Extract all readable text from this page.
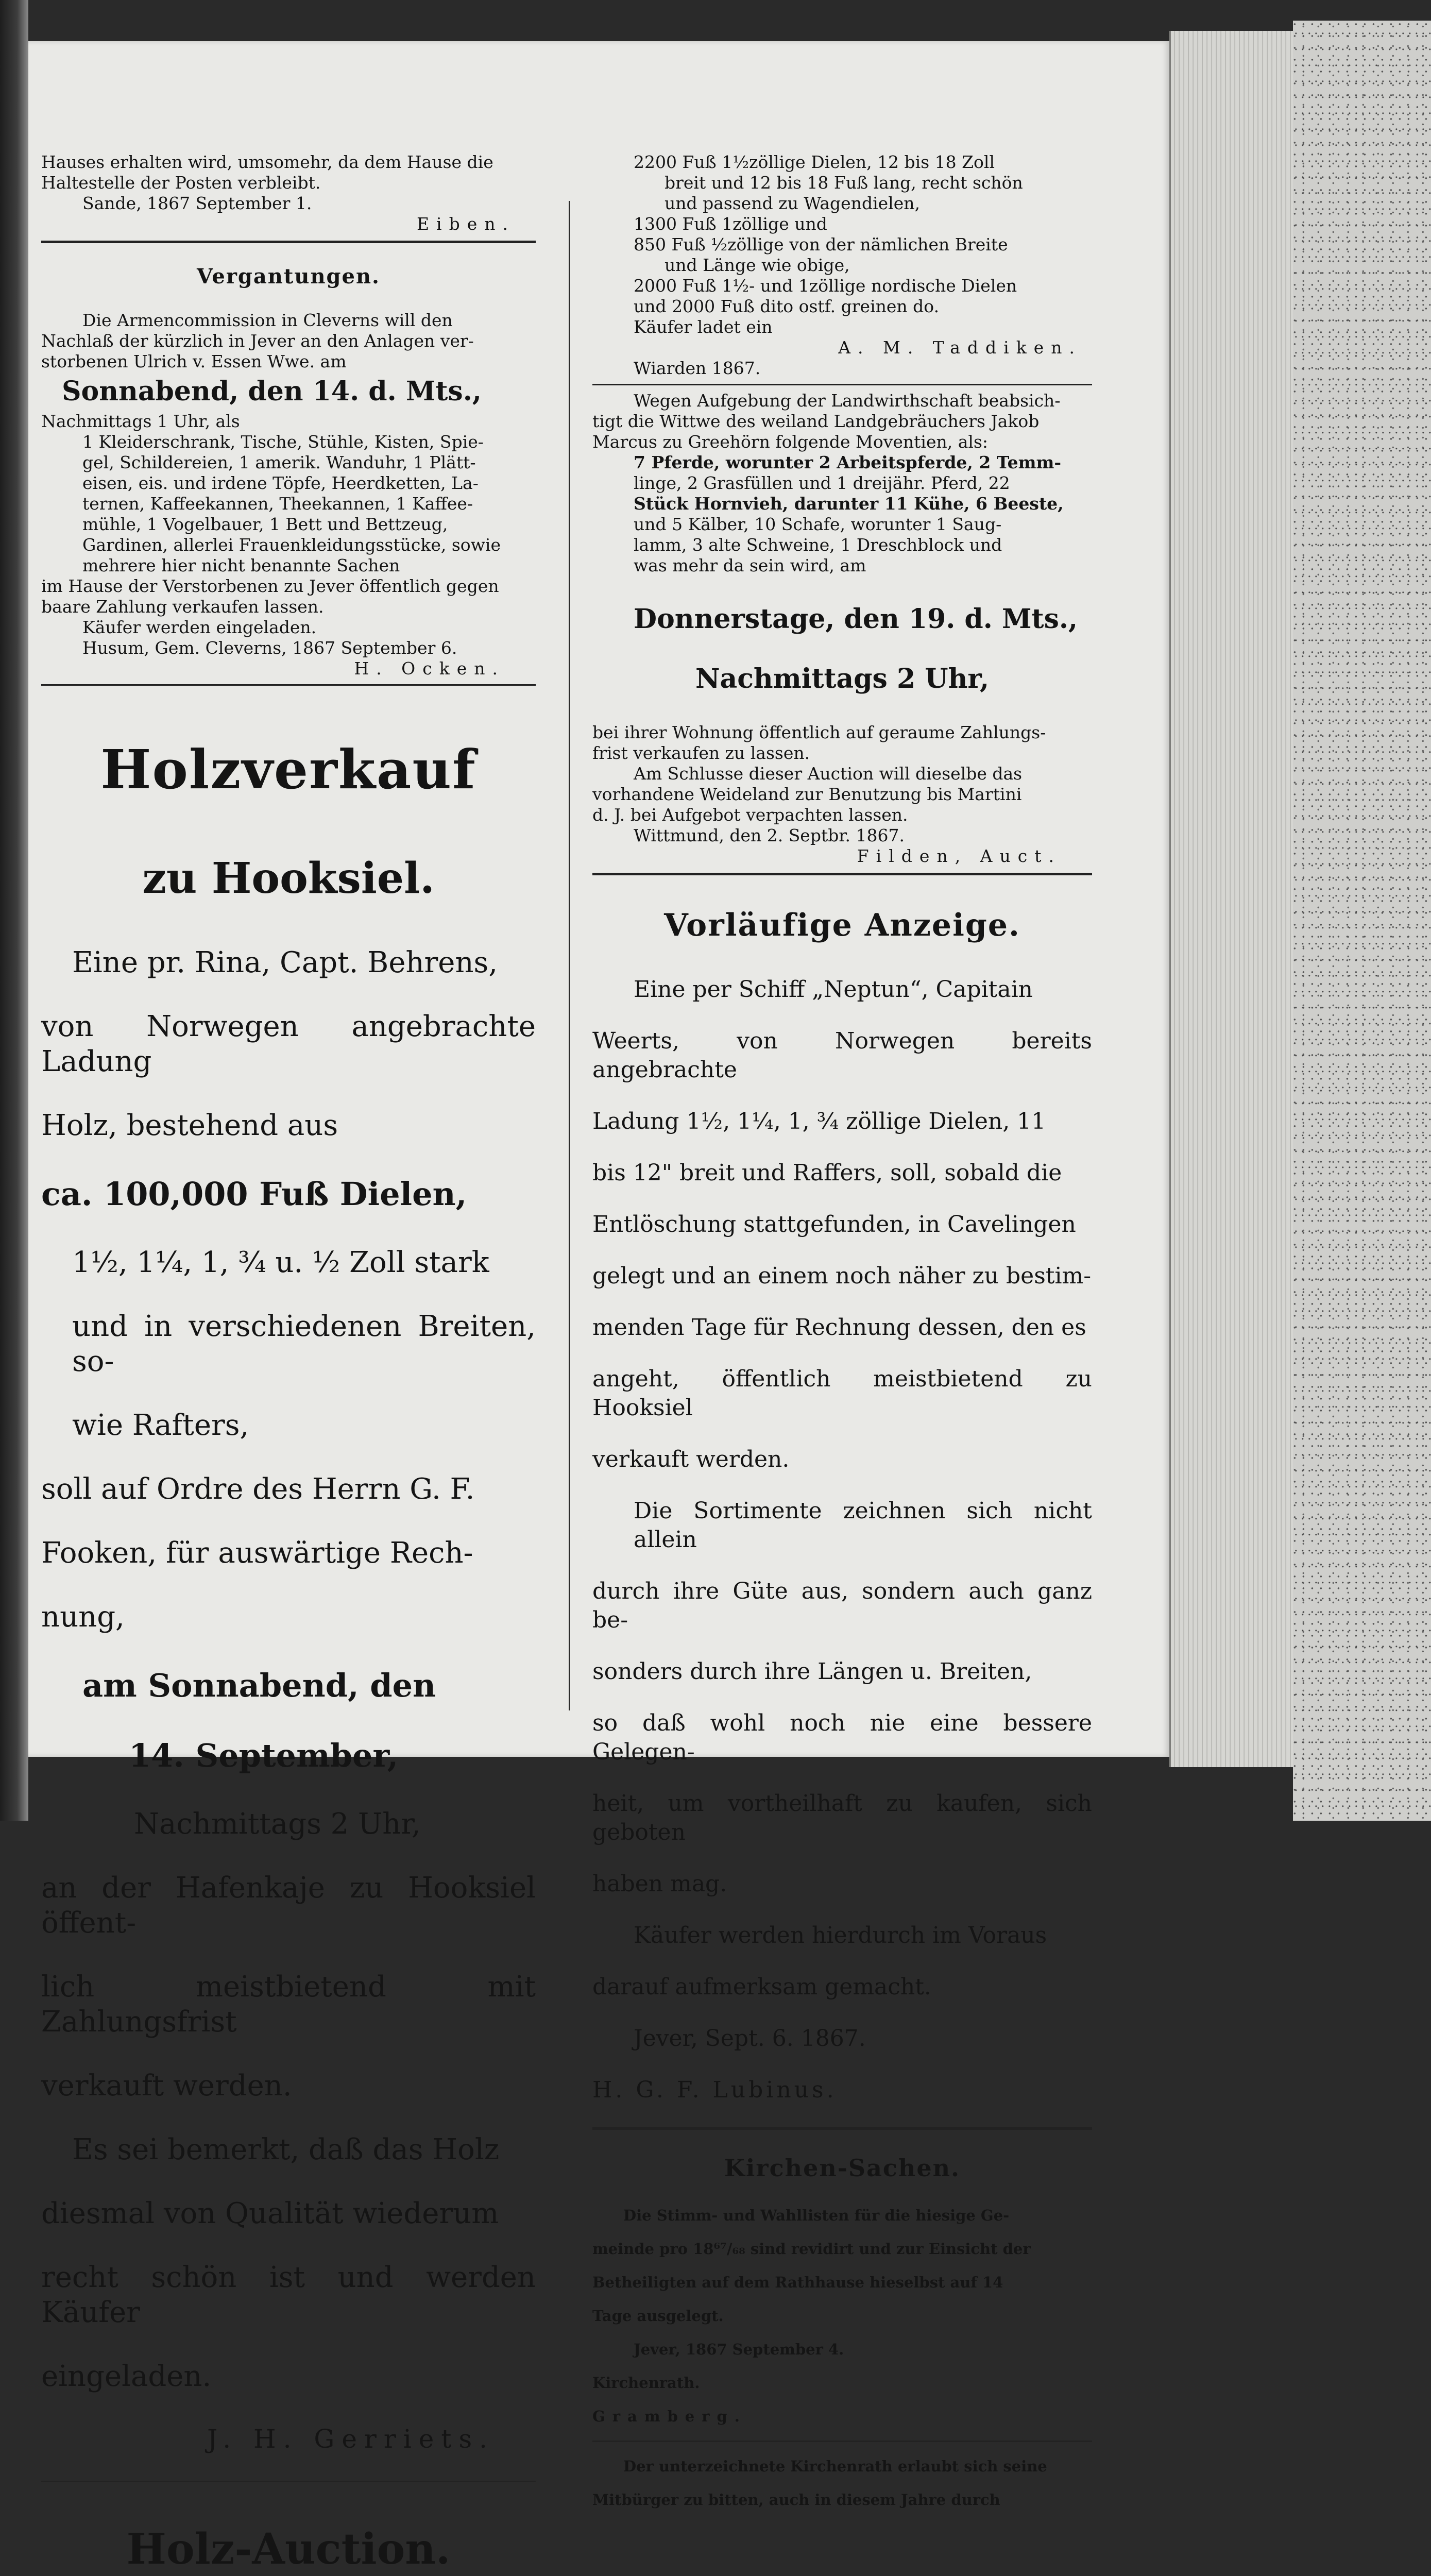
Hauses erhalten wird, umsomehr, da dem Hause die

Haltestelle der Posten verbleibt.

Sande, 1867 September 1.

Eiben.

Vergantungen.

Die Armencommission in Cleverns will den

Nachlaß der kürzlich in Jever an den Anlagen ver-

storbenen Ulrich v. Essen Wwe. am

Sonnabend, den 14. d. Mts.,

Nachmittags 1 Uhr, als

1 Kleiderschrank, Tische, Stühle, Kisten, Spie-

gel, Schildereien, 1 amerik. Wanduhr, 1 Plätt-

eisen, eis. und irdene Töpfe, Heerdketten, La-

ternen, Kaffeekannen, Theekannen, 1 Kaffee-

mühle, 1 Vogelbauer, 1 Bett und Bettzeug,

Gardinen, allerlei Frauenkleidungsstücke, sowie

mehrere hier nicht benannte Sachen

im Hause der Verstorbenen zu Jever öffentlich gegen

baare Zahlung verkaufen lassen.

Käufer werden eingeladen.

Husum, Gem. Cleverns, 1867 September 6.

H. Ocken.

Holzverkauf

zu Hooksiel.

Eine pr. Rina, Capt. Behrens,

von Norwegen angebrachte Ladung

Holz, bestehend aus

ca. 100,000 Fuß Dielen,

1½, 1¼, 1, ¾ u. ½ Zoll stark

und in verschiedenen Breiten, so-

wie Rafters,

soll auf Ordre des Herrn G. F.

Fooken, für auswärtige Rech-

nung,

am Sonnabend, den

14. September,

Nachmittags 2 Uhr,

an der Hafenkaje zu Hooksiel öffent-

lich meistbietend mit Zahlungsfrist

verkauft werden.

Es sei bemerkt, daß das Holz

diesmal von Qualität wiederum

recht schön ist und werden Käufer

eingeladen.

J. H. Gerriets.

Holz-Auction.

2200 Fuß 1½zöllige Dielen, 12 bis 18 Zoll

breit und 12 bis 18 Fuß lang, recht schön

und passend zu Wagendielen,

1300 Fuß 1zöllige und

850 Fuß ½zöllige von der nämlichen Breite

und Länge wie obige,

2000 Fuß 1½- und 1zöllige nordische Dielen

und 2000 Fuß dito ostf. greinen do.

Käufer ladet ein

A. M. Taddiken.

Wiarden 1867.

Wegen Aufgebung der Landwirthschaft beabsich-

tigt die Wittwe des weiland Landgebräuchers Jakob

Marcus zu Greehörn folgende Moventien, als:

7 Pferde, worunter 2 Arbeitspferde, 2 Temm-

linge, 2 Grasfüllen und 1 dreijähr. Pferd, 22

Stück Hornvieh, darunter 11 Kühe, 6 Beeste,

und 5 Kälber, 10 Schafe, worunter 1 Saug-

lamm, 3 alte Schweine, 1 Dreschblock und

was mehr da sein wird, am

Donnerstage, den 19. d. Mts.,

Nachmittags 2 Uhr,

bei ihrer Wohnung öffentlich auf geraume Zahlungs-

frist verkaufen zu lassen.

Am Schlusse dieser Auction will dieselbe das

vorhandene Weideland zur Benutzung bis Martini

d. J. bei Aufgebot verpachten lassen.

Wittmund, den 2. Septbr. 1867.

Filden, Auct.

Vorläufige Anzeige.

Eine per Schiff „Neptun“, Capitain

Weerts, von Norwegen bereits angebrachte

Ladung 1½, 1¼, 1, ¾ zöllige Dielen, 11

bis 12" breit und Raffers, soll, sobald die

Entlöschung stattgefunden, in Cavelingen

gelegt und an einem noch näher zu bestim-

menden Tage für Rechnung dessen, den es

angeht, öffentlich meistbietend zu Hooksiel

verkauft werden.

Die Sortimente zeichnen sich nicht allein

durch ihre Güte aus, sondern auch ganz be-

sonders durch ihre Längen u. Breiten,

so daß wohl noch nie eine bessere Gelegen-

heit, um vortheilhaft zu kaufen, sich geboten

haben mag.

Käufer werden hierdurch im Voraus

darauf aufmerksam gemacht.

Jever, Sept. 6. 1867.

H. G. F. Lubinus.

Kirchen-Sachen.

Die Stimm- und Wahllisten für die hiesige Ge-

meinde pro 18⁶⁷/₆₈ sind revidirt und zur Einsicht der

Betheiligten auf dem Rathhause hieselbst auf 14

Tage ausgelegt.

Jever, 1867 September 4.

Kirchenrath.

Gramberg.

Der unterzeichnete Kirchenrath erlaubt sich seine

Mitbürger zu bitten, auch in diesem Jahre durch
